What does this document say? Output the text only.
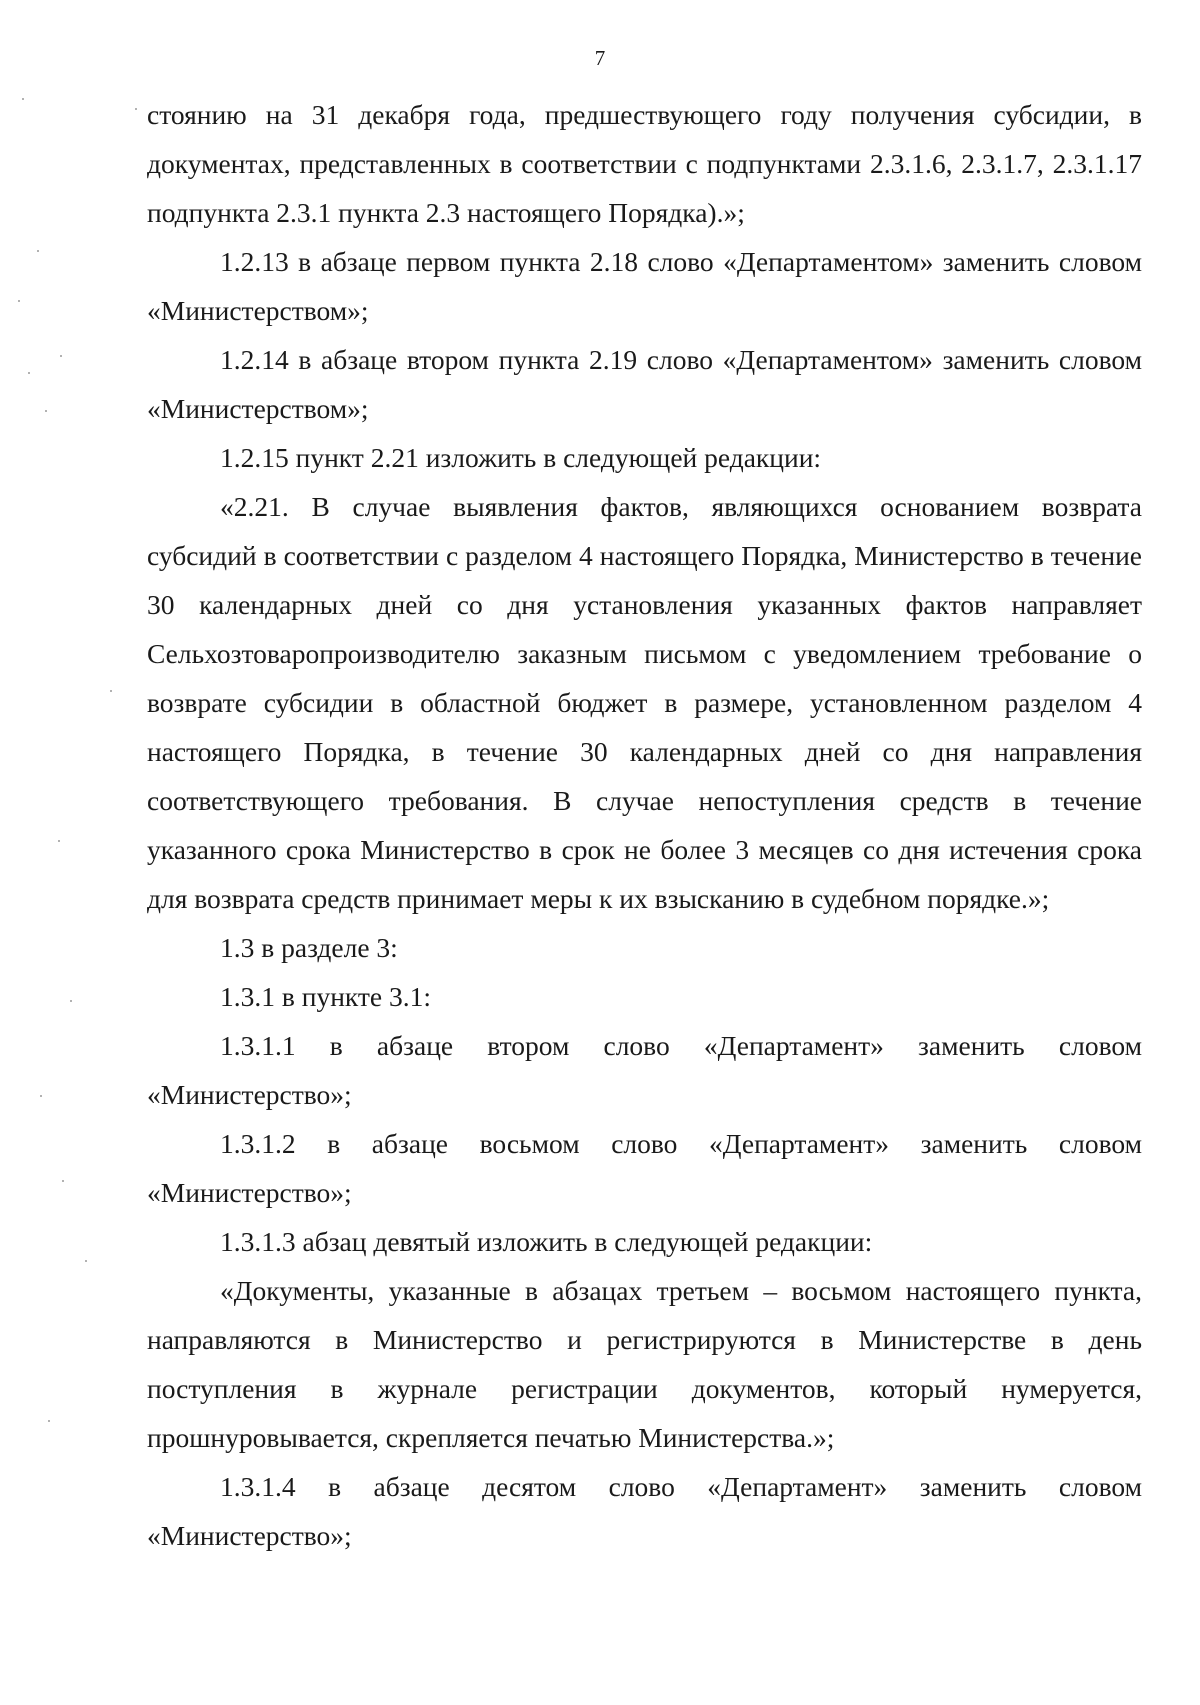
7

стоянию на 31 декабря года, предшествующего году получения субсидии, в документах, представленных в соответствии с подпунктами 2.3.1.6, 2.3.1.7, 2.3.1.17 подпункта 2.3.1 пункта 2.3 настоящего Порядка).»;

1.2.13 в абзаце первом пункта 2.18 слово «Департаментом» заменить словом «Министерством»;

1.2.14 в абзаце втором пункта 2.19 слово «Департаментом» заменить словом «Министерством»;

1.2.15 пункт 2.21 изложить в следующей редакции:

«2.21. В случае выявления фактов, являющихся основанием возврата субсидий в соответствии с разделом 4 настоящего Порядка, Министерство в течение 30 календарных дней со дня установления указанных фактов направляет Сельхозтоваропроизводителю заказным письмом с уведомлением требование о возврате субсидии в областной бюджет в размере, установленном разделом 4 настоящего Порядка, в течение 30 календарных дней со дня направления соответствующего требования. В случае непоступления средств в течение указанного срока Министерство в срок не более 3 месяцев со дня истечения срока для возврата средств принимает меры к их взысканию в судебном порядке.»;

1.3 в разделе 3:

1.3.1 в пункте 3.1:

1.3.1.1 в абзаце втором слово «Департамент» заменить словом «Министерство»;

1.3.1.2 в абзаце восьмом слово «Департамент» заменить словом «Министерство»;

1.3.1.3 абзац девятый изложить в следующей редакции:

«Документы, указанные в абзацах третьем – восьмом настоящего пункта, направляются в Министерство и регистрируются в Министерстве в день поступления в журнале регистрации документов, который нумеруется, прошнуровывается, скрепляется печатью Министерства.»;

1.3.1.4 в абзаце десятом слово «Департамент» заменить словом «Министерство»;
